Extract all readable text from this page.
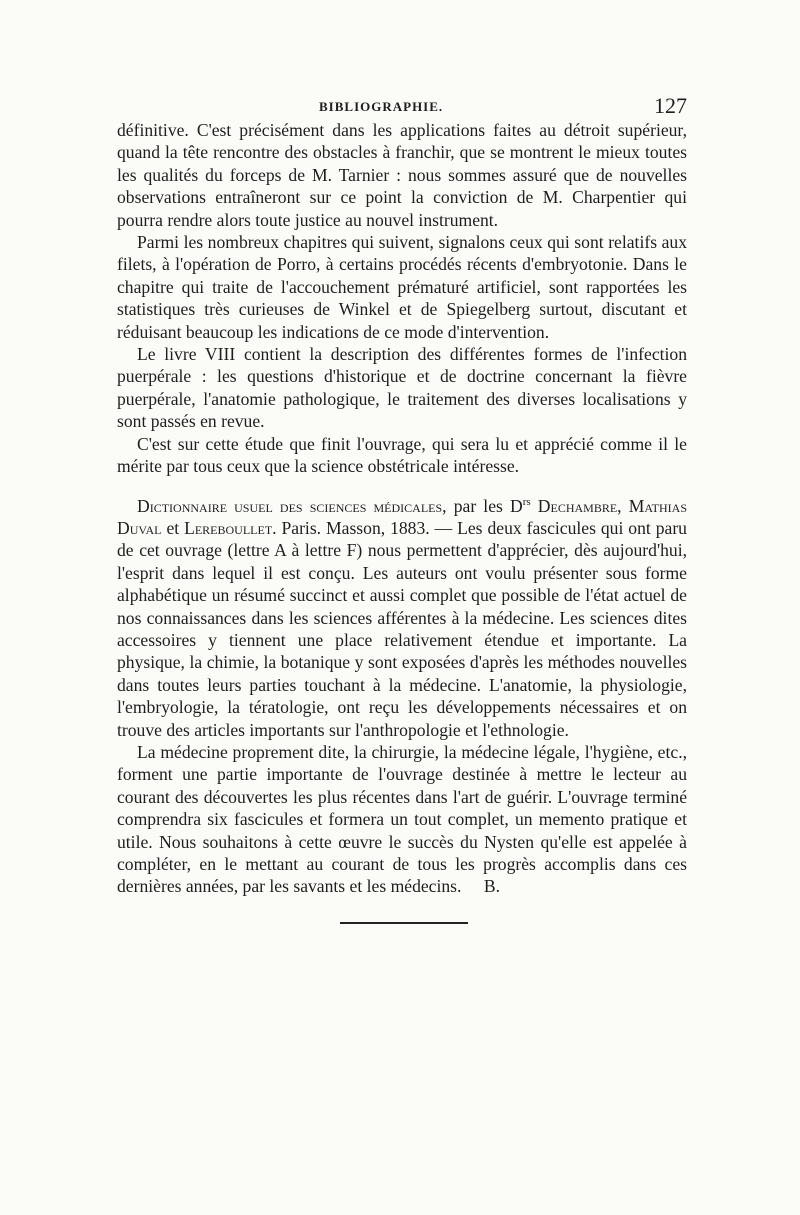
BIBLIOGRAPHIE.	127

définitive. C'est précisément dans les applications faites au détroit supérieur, quand la tête rencontre des obstacles à franchir, que se montrent le mieux toutes les qualités du forceps de M. Tarnier : nous sommes assuré que de nouvelles observations entraîneront sur ce point la conviction de M. Charpentier qui pourra rendre alors toute justice au nouvel instrument.

Parmi les nombreux chapitres qui suivent, signalons ceux qui sont relatifs aux filets, à l'opération de Porro, à certains procédés récents d'embryotonie. Dans le chapitre qui traite de l'accouchement prématuré artificiel, sont rapportées les statistiques très curieuses de Winkel et de Spiegelberg surtout, discutant et réduisant beaucoup les indications de ce mode d'intervention.

Le livre VIII contient la description des différentes formes de l'infection puerpérale : les questions d'historique et de doctrine concernant la fièvre puerpérale, l'anatomie pathologique, le traitement des diverses localisations y sont passés en revue.

C'est sur cette étude que finit l'ouvrage, qui sera lu et apprécié comme il le mérite par tous ceux que la science obstétricale intéresse.

Dictionnaire usuel des sciences médicales, par les $D^{rs}$ Dechambre, Mathias Duval et Lereboullet. Paris. Masson, 1883. — Les deux fascicules qui ont paru de cet ouvrage (lettre A à lettre F) nous permettent d'apprécier, dès aujourd'hui, l'esprit dans lequel il est conçu. Les auteurs ont voulu présenter sous forme alphabétique un résumé succinct et aussi complet que possible de l'état actuel de nos connaissances dans les sciences afférentes à la médecine. Les sciences dites accessoires y tiennent une place relativement étendue et importante. La physique, la chimie, la botanique y sont exposées d'après les méthodes nouvelles dans toutes leurs parties touchant à la médecine. L'anatomie, la physiologie, l'embryologie, la tératologie, ont reçu les développements nécessaires et on trouve des articles importants sur l'anthropologie et l'ethnologie.

La médecine proprement dite, la chirurgie, la médecine légale, l'hygiène, etc., forment une partie importante de l'ouvrage destinée à mettre le lecteur au courant des découvertes les plus récentes dans l'art de guérir. L'ouvrage terminé comprendra six fascicules et formera un tout complet, un memento pratique et utile. Nous souhaitons à cette œuvre le succès du Nysten qu'elle est appelée à compléter, en le mettant au courant de tous les progrès accomplis dans ces dernières années, par les savants et les médecins. B.
